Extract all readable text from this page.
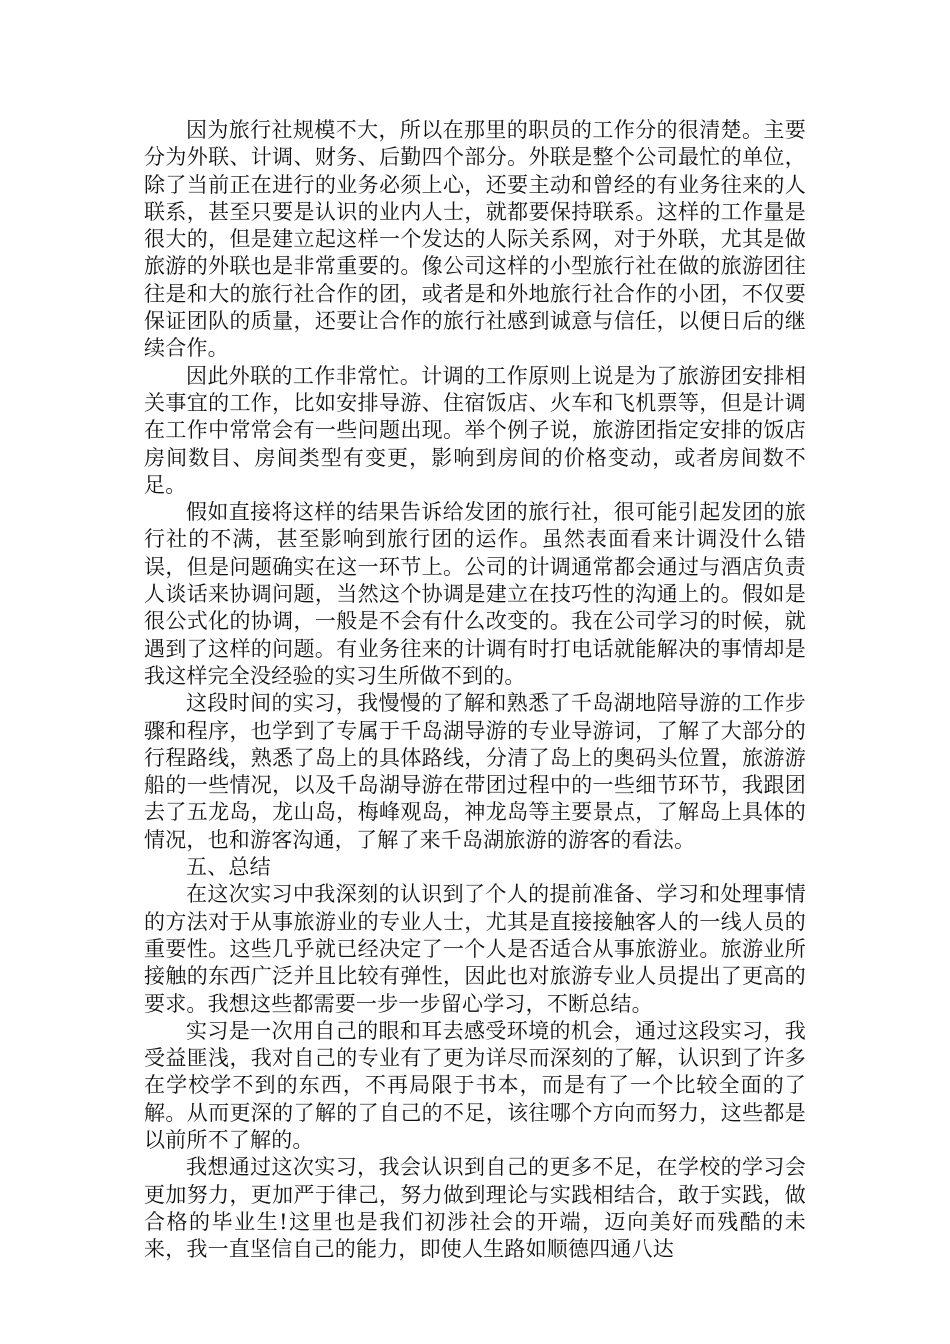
因为旅行社规模不大，所以在那里的职员的工作分的很清楚。主要分为外联、计调、财务、后勤四个部分。外联是整个公司最忙的单位，除了当前正在进行的业务必须上心，还要主动和曾经的有业务往来的人联系，甚至只要是认识的业内人士，就都要保持联系。这样的工作量是很大的，但是建立起这样一个发达的人际关系网，对于外联，尤其是做旅游的外联也是非常重要的。像公司这样的小型旅行社在做的旅游团往往是和大的旅行社合作的团，或者是和外地旅行社合作的小团，不仅要保证团队的质量，还要让合作的旅行社感到诚意与信任，以便日后的继续合作。

因此外联的工作非常忙。计调的工作原则上说是为了旅游团安排相关事宜的工作，比如安排导游、住宿饭店、火车和飞机票等，但是计调在工作中常常会有一些问题出现。举个例子说，旅游团指定安排的饭店房间数目、房间类型有变更，影响到房间的价格变动，或者房间数不足。

假如直接将这样的结果告诉给发团的旅行社，很可能引起发团的旅行社的不满，甚至影响到旅行团的运作。虽然表面看来计调没什么错误，但是问题确实在这一环节上。公司的计调通常都会通过与酒店负责人谈话来协调问题，当然这个协调是建立在技巧性的沟通上的。假如是很公式化的协调，一般是不会有什么改变的。我在公司学习的时候，就遇到了这样的问题。有业务往来的计调有时打电话就能解决的事情却是我这样完全没经验的实习生所做不到的。

这段时间的实习，我慢慢的了解和熟悉了千岛湖地陪导游的工作步骤和程序，也学到了专属于千岛湖导游的专业导游词，了解了大部分的行程路线，熟悉了岛上的具体路线，分清了岛上的奥码头位置，旅游游船的一些情况，以及千岛湖导游在带团过程中的一些细节环节，我跟团去了五龙岛，龙山岛，梅峰观岛，神龙岛等主要景点，了解岛上具体的情况，也和游客沟通，了解了来千岛湖旅游的游客的看法。

五、总结

在这次实习中我深刻的认识到了个人的提前准备、学习和处理事情的方法对于从事旅游业的专业人士，尤其是直接接触客人的一线人员的重要性。这些几乎就已经决定了一个人是否适合从事旅游业。旅游业所接触的东西广泛并且比较有弹性，因此也对旅游专业人员提出了更高的要求。我想这些都需要一步一步留心学习，不断总结。

实习是一次用自己的眼和耳去感受环境的机会，通过这段实习，我受益匪浅，我对自己的专业有了更为详尽而深刻的了解，认识到了许多在学校学不到的东西，不再局限于书本，而是有了一个比较全面的了解。从而更深的了解的了自己的不足，该往哪个方向而努力，这些都是以前所不了解的。

我想通过这次实习，我会认识到自己的更多不足，在学校的学习会更加努力，更加严于律己，努力做到理论与实践相结合，敢于实践，做合格的毕业生!这里也是我们初涉社会的开端，迈向美好而残酷的未来，我一直坚信自己的能力，即使人生路如顺德四通八达
